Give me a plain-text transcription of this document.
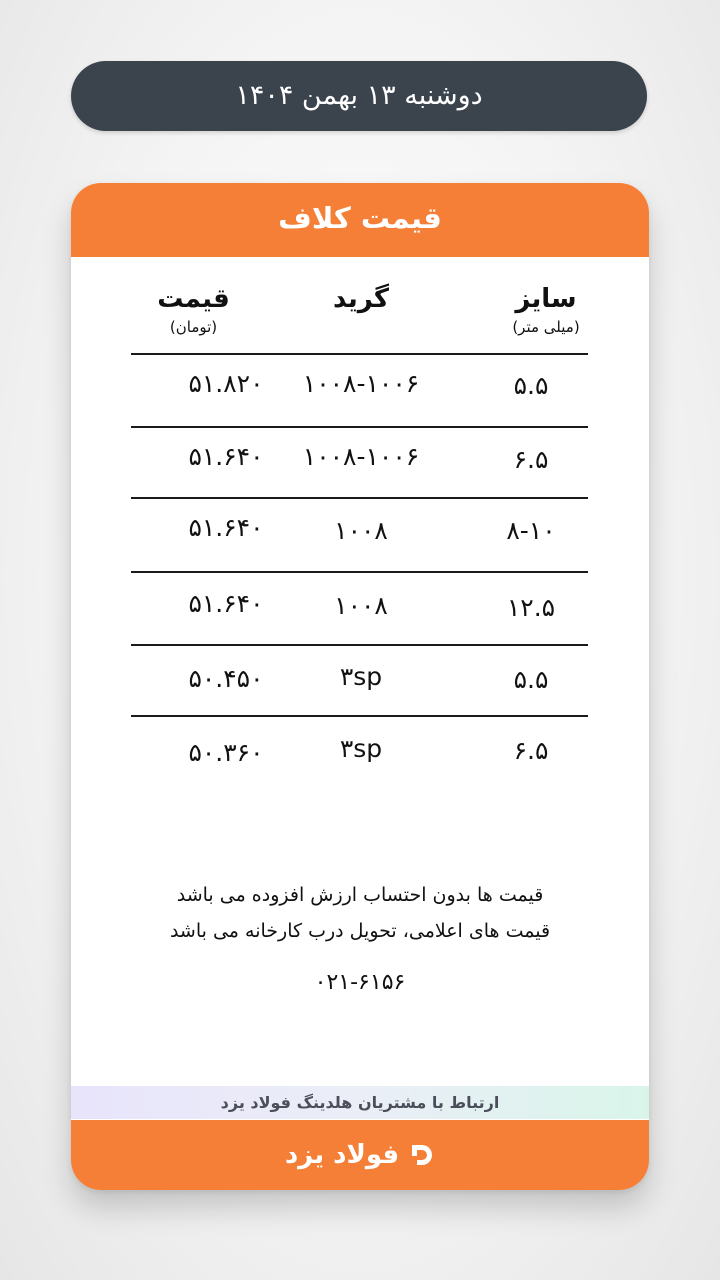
دوشنبه ۱۳ بهمن ۱۴۰۴
قیمت کلاف
سایز
(میلی متر)
گرید
قیمت
(تومان)
۵.۵
۱۰۰۸-۱۰۰۶
۵۱.۸۲۰
۶.۵
۱۰۰۸-۱۰۰۶
۵۱.۶۴۰
۸-۱۰
۱۰۰۸
۵۱.۶۴۰
۱۲.۵
۱۰۰۸
۵۱.۶۴۰
۵.۵
۳sp
۵۰.۴۵۰
۶.۵
۳sp
۵۰.۳۶۰
قیمت ها بدون احتساب ارزش افزوده می باشد
قیمت های اعلامی، تحویل درب کارخانه می باشد
۰۲۱-۶۱۵۶
ارتباط با مشتریان هلدینگ فولاد یزد
فولاد یزد
